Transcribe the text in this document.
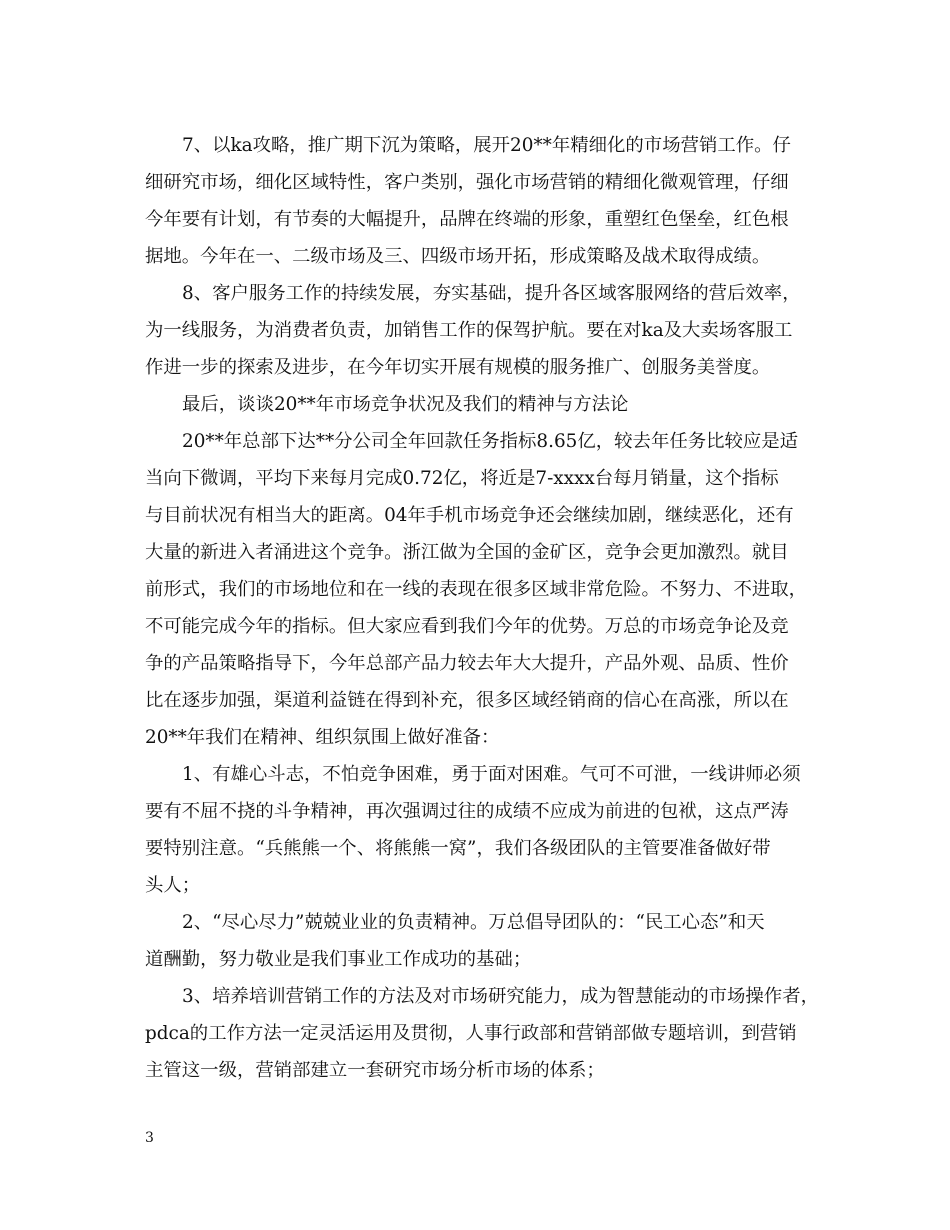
7、以ka攻略，推广期下沉为策略，展开20**年精细化的市场营销工作。仔
细研究市场，细化区域特性，客户类别，强化市场营销的精细化微观管理，仔细
今年要有计划，有节奏的大幅提升，品牌在终端的形象，重塑红色堡垒，红色根
据地。今年在一、二级市场及三、四级市场开拓，形成策略及战术取得成绩。
8、客户服务工作的持续发展，夯实基础，提升各区域客服网络的营后效率，
为一线服务，为消费者负责，加销售工作的保驾护航。要在对ka及大卖场客服工
作进一步的探索及进步，在今年切实开展有规模的服务推广、创服务美誉度。
最后，谈谈20**年市场竞争状况及我们的精神与方法论
20**年总部下达**分公司全年回款任务指标8.65亿，较去年任务比较应是适
当向下微调，平均下来每月完成0.72亿，将近是7-xxxx台每月销量，这个指标
与目前状况有相当大的距离。04年手机市场竞争还会继续加剧，继续恶化，还有
大量的新进入者涌进这个竞争。浙江做为全国的金矿区，竞争会更加激烈。就目
前形式，我们的市场地位和在一线的表现在很多区域非常危险。不努力、不进取，
不可能完成今年的指标。但大家应看到我们今年的优势。万总的市场竞争论及竞
争的产品策略指导下，今年总部产品力较去年大大提升，产品外观、品质、性价
比在逐步加强，渠道利益链在得到补充，很多区域经销商的信心在高涨，所以在
20**年我们在精神、组织氛围上做好准备：
1、有雄心斗志，不怕竞争困难，勇于面对困难。气可不可泄，一线讲师必须
要有不屈不挠的斗争精神，再次强调过往的成绩不应成为前进的包袱，这点严涛
要特别注意。“兵熊熊一个、将熊熊一窝”，我们各级团队的主管要准备做好带
头人；
2、“尽心尽力”兢兢业业的负责精神。万总倡导团队的：“民工心态”和天
道酬勤，努力敬业是我们事业工作成功的基础；
3、培养培训营销工作的方法及对市场研究能力，成为智慧能动的市场操作者，
pdca的工作方法一定灵活运用及贯彻，人事行政部和营销部做专题培训，到营销
主管这一级，营销部建立一套研究市场分析市场的体系；
3
